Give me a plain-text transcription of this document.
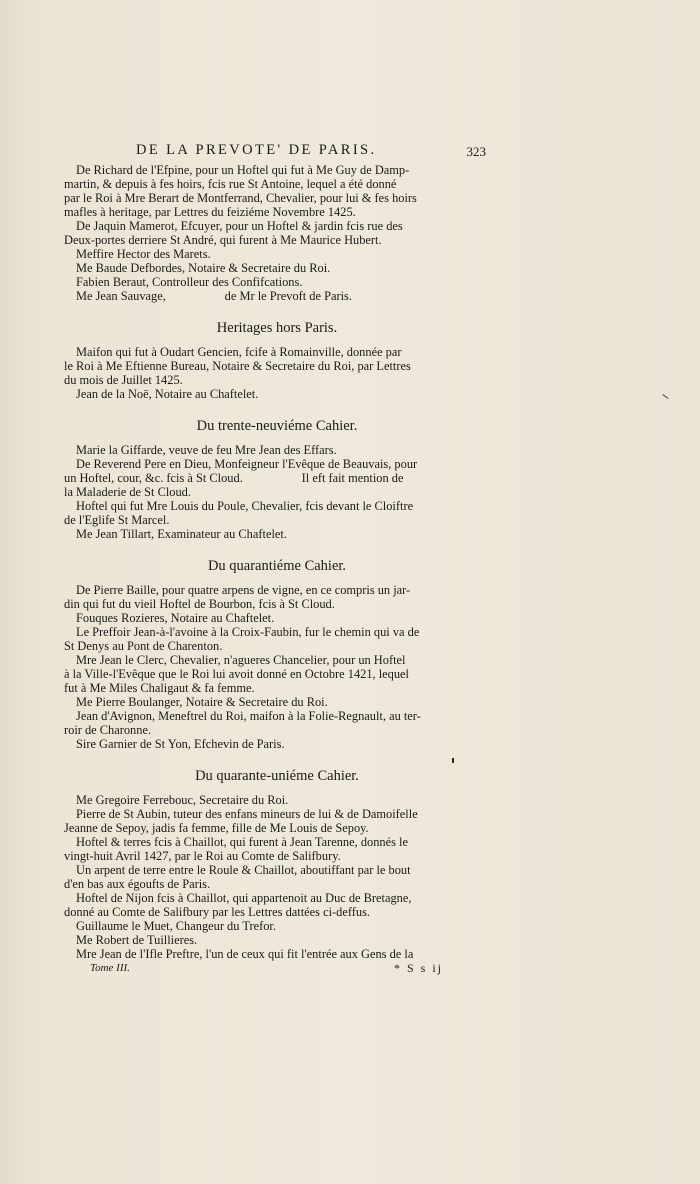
DE LA PREVOTE' DE PARIS.	323

De Richard de l'Efpine, pour un Hoftel qui fut à Me Guy de Damp-
martin, & depuis à fes hoirs, fcis rue St Antoine, lequel a été donné
par le Roi à Mre Berart de Montferrand, Chevalier, pour lui & fes hoirs
mafles à heritage, par Lettres du feiziéme Novembre 1425.

De Jaquin Mamerot, Efcuyer, pour un Hoftel & jardin fcis rue des
Deux-portes derriere St André, qui furent à Me Maurice Hubert.

Meffire Hector des Marets.

Me Baude Defbordes, Notaire & Secretaire du Roi.

Fabien Beraut, Controlleur des Confifcations.

Me Jean Sauvage,                   de Mr le Prevoft de Paris.

Heritages hors Paris.

Maifon qui fut à Oudart Gencien, fcife à Romainville, donnée par
le Roi à Me Eftienne Bureau, Notaire & Secretaire du Roi, par Lettres
du mois de Juillet 1425.

Jean de la Noë, Notaire au Chaftelet.

Du trente-neuviéme Cahier.

Marie la Giffarde, veuve de feu Mre Jean des Effars.

De Reverend Pere en Dieu, Monfeigneur l'Evêque de Beauvais, pour
un Hoftel, cour, &c. fcis à St Cloud.                   Il eft fait mention de
la Maladerie de St Cloud.

Hoftel qui fut Mre Louis du Poule, Chevalier, fcis devant le Cloiftre
de l'Eglife St Marcel.

Me Jean Tillart, Examinateur au Chaftelet.

Du quarantiéme Cahier.

De Pierre Baille, pour quatre arpens de vigne, en ce compris un jar-
din qui fut du vieil Hoftel de Bourbon, fcis à St Cloud.

Fouques Rozieres, Notaire au Chaftelet.

Le Preffoir Jean-à-l'avoine à la Croix-Faubin, fur le chemin qui va de
St Denys au Pont de Charenton.

Mre Jean le Clerc, Chevalier, n'agueres Chancelier, pour un Hoftel
à la Ville-l'Evêque que le Roi lui avoit donné en Octobre 1421, lequel
fut à Me Miles Chaligaut & fa femme.

Me Pierre Boulanger, Notaire & Secretaire du Roi.

Jean d'Avignon, Meneftrel du Roi, maifon à la Folie-Regnault, au ter-
roir de Charonne.

Sire Garnier de St Yon, Efchevin de Paris.

Du quarante-uniéme Cahier.

Me Gregoire Ferrebouc, Secretaire du Roi.

Pierre de St Aubin, tuteur des enfans mineurs de lui & de Damoifelle
Jeanne de Sepoy, jadis fa femme, fille de Me Louis de Sepoy.

Hoftel & terres fcis à Chaillot, qui furent à Jean Tarenne, donnés le
vingt-huit Avril 1427, par le Roi au Comte de Salifbury.

Un arpent de terre entre le Roule & Chaillot, aboutiffant par le bout
d'en bas aux égoufts de Paris.

Hoftel de Nijon fcis à Chaillot, qui appartenoit au Duc de Bretagne,
donné au Comte de Salifbury par les Lettres dattées ci-deffus.

Guillaume le Muet, Changeur du Trefor.

Me Robert de Tuillieres.

Mre Jean de l'Ifle Preftre, l'un de ceux qui fit l'entrée aux Gens de la

Tome III.	* S s ij
